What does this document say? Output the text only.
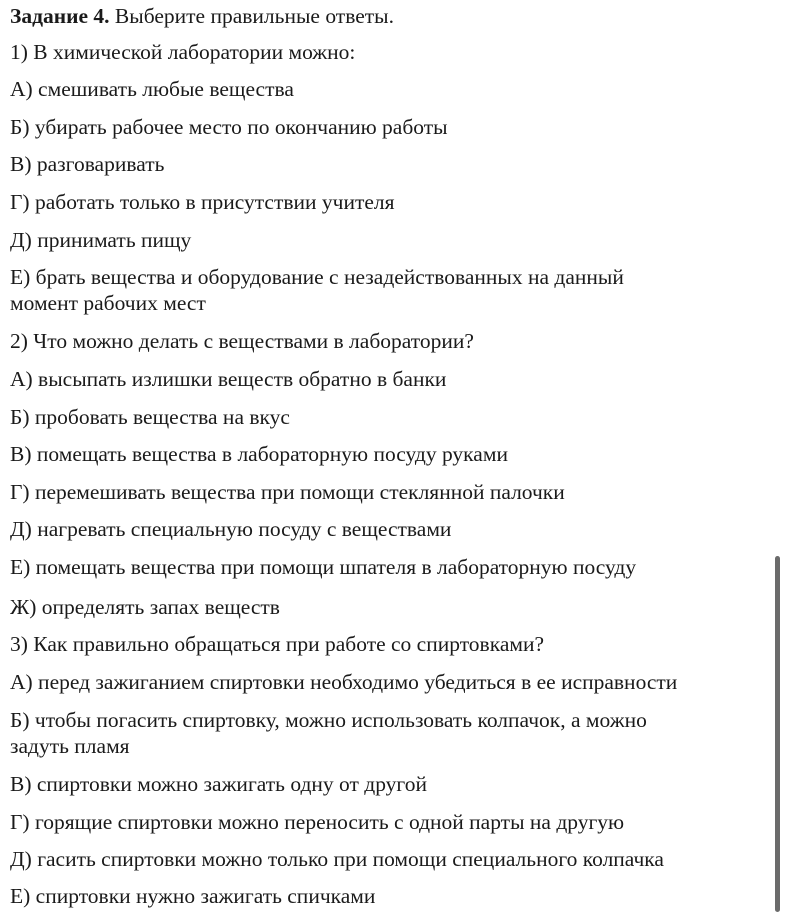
Задание 4. Выберите правильные ответы.
1) В химической лаборатории можно:
А) смешивать любые вещества
Б) убирать рабочее место по окончанию работы
В) разговаривать
Г) работать только в присутствии учителя
Д) принимать пищу
Е) брать вещества и оборудование с незадействованных на данный
момент рабочих мест
2) Что можно делать с веществами в лаборатории?
А) высыпать излишки веществ обратно в банки
Б) пробовать вещества на вкус
В) помещать вещества в лабораторную посуду руками
Г) перемешивать вещества при помощи стеклянной палочки
Д) нагревать специальную посуду с веществами
Е) помещать вещества при помощи шпателя в лабораторную посуду
Ж) определять запах веществ
3) Как правильно обращаться при работе со спиртовками?
А) перед зажиганием спиртовки необходимо убедиться в ее исправности
Б) чтобы погасить спиртовку, можно использовать колпачок, а можно
задуть пламя
В) спиртовки можно зажигать одну от другой
Г) горящие спиртовки можно переносить с одной парты на другую
Д) гасить спиртовки можно только при помощи специального колпачка
Е) спиртовки нужно зажигать спичками
